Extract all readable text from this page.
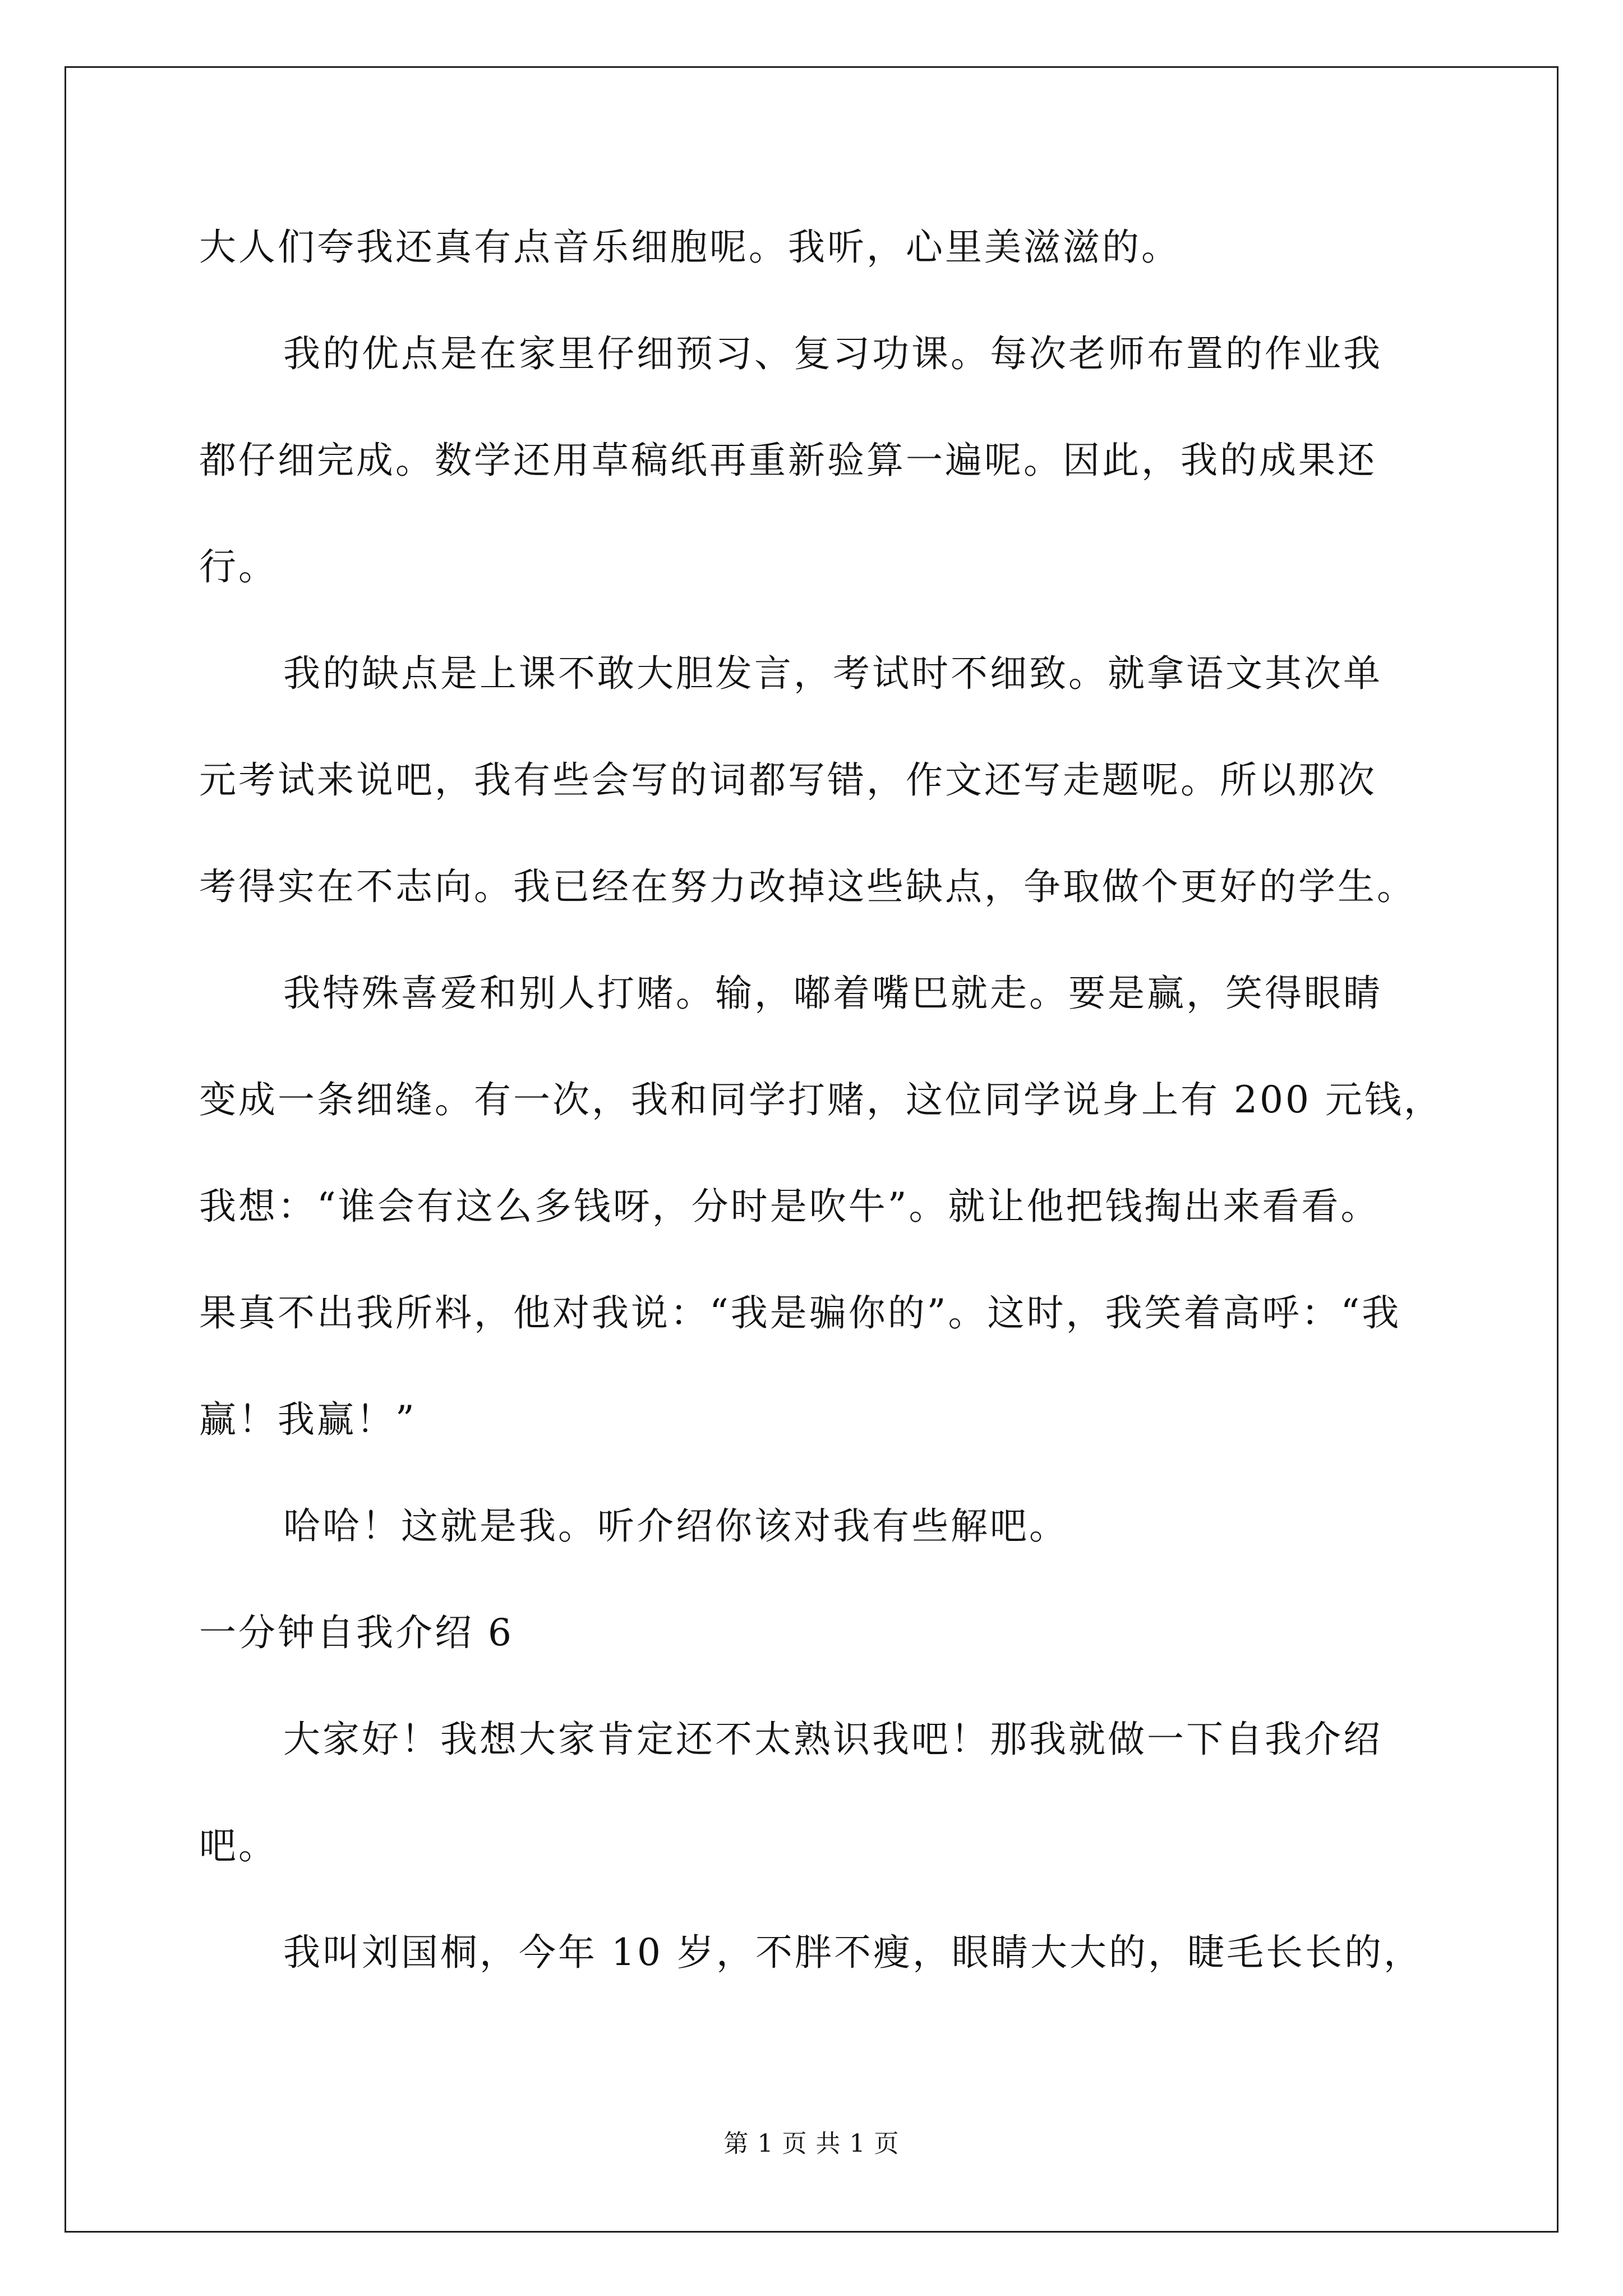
大人们夸我还真有点音乐细胞呢。我听，心里美滋滋的。
我的优点是在家里仔细预习、复习功课。每次老师布置的作业我
都仔细完成。数学还用草稿纸再重新验算一遍呢。因此，我的成果还
行。
我的缺点是上课不敢大胆发言，考试时不细致。就拿语文其次单
元考试来说吧，我有些会写的词都写错，作文还写走题呢。所以那次
考得实在不志向。我已经在努力改掉这些缺点，争取做个更好的学生。
我特殊喜爱和别人打赌。输，嘟着嘴巴就走。要是赢，笑得眼睛
变成一条细缝。有一次，我和同学打赌，这位同学说身上有 200 元钱，
我想：“谁会有这么多钱呀，分时是吹牛”。就让他把钱掏出来看看。
果真不出我所料，他对我说：“我是骗你的”。这时，我笑着高呼：“我
赢！我赢！”
哈哈！这就是我。听介绍你该对我有些解吧。
一分钟自我介绍 6
大家好！我想大家肯定还不太熟识我吧！那我就做一下自我介绍
吧。
我叫刘国桐，今年 10 岁，不胖不瘦，眼睛大大的，睫毛长长的，
第 1 页 共 1 页
